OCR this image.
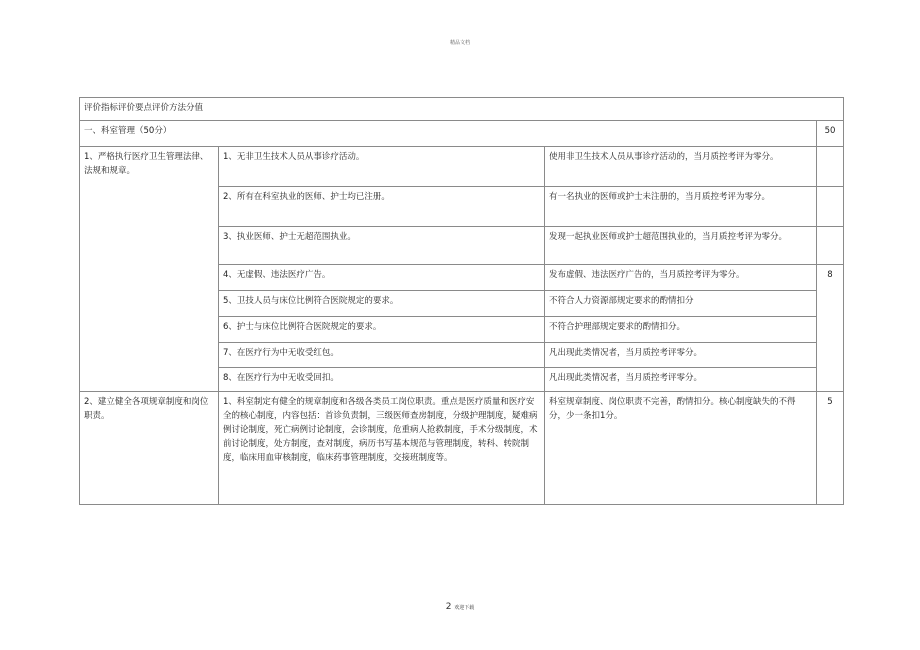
精品文档
评价指标评价要点评价方法分值			
一、科室管理（50分）			50
1、严格执行医疗卫生管理法律、法规和规章。	1、无非卫生技术人员从事诊疗活动。	使用非卫生技术人员从事诊疗活动的，当月质控考评为零分。	
	2、所有在科室执业的医师、护士均已注册。	有一名执业的医师或护士未注册的，当月质控考评为零分。	
	3、执业医师、护士无超范围执业。	发现一起执业医师或护士超范围执业的，当月质控考评为零分。	
	4、无虚假、违法医疗广告。	发布虚假、违法医疗广告的，当月质控考评为零分。	8
	5、卫技人员与床位比例符合医院规定的要求。	不符合人力资源部规定要求的酌情扣分	
	6、护士与床位比例符合医院规定的要求。	不符合护理部规定要求的酌情扣分。	
	7、在医疗行为中无收受红包。	凡出现此类情况者，当月质控考评零分。	
	8、在医疗行为中无收受回扣。	凡出现此类情况者，当月质控考评零分。	
2、建立健全各项规章制度和岗位职责。	1、科室制定有健全的规章制度和各级各类员工岗位职责。重点是医疗质量和医疗安全的核心制度，内容包括：首诊负责制，三级医师查房制度，分级护理制度，疑难病例讨论制度，死亡病例讨论制度，会诊制度，危重病人抢救制度，手术分级制度，术前讨论制度，处方制度，查对制度，病历书写基本规范与管理制度，转科、转院制度，临床用血审核制度，临床药事管理制度，交接班制度等。	科室规章制度、岗位职责不完善，酌情扣分。核心制度缺失的不得分，少一条扣1分。	5
2 欢迎下载
